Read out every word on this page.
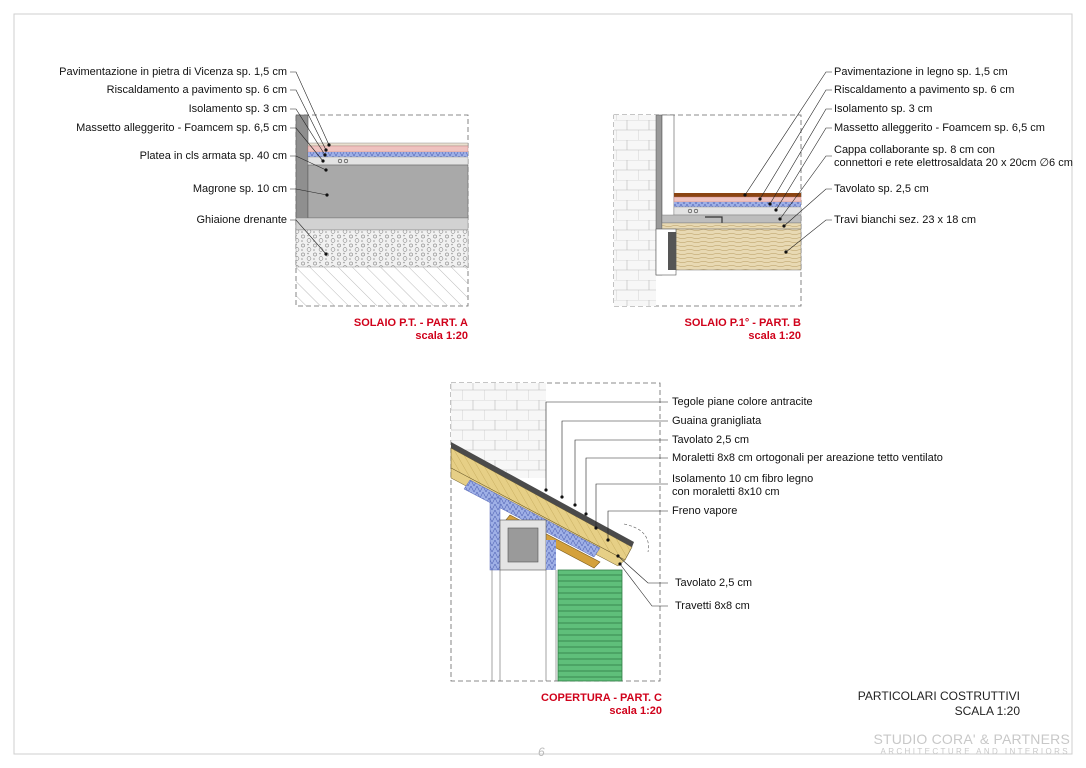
Pavimentazione in pietra di Vicenza sp. 1,5 cm
Riscaldamento a pavimento sp. 6 cm
Isolamento sp. 3 cm
Massetto alleggerito - Foamcem sp. 6,5 cm
Platea in cls armata sp. 40 cm
Magrone sp. 10 cm
Ghiaione drenante
SOLAIO P.T. - PART. A
scala 1:20
Pavimentazione in legno sp. 1,5 cm
Riscaldamento a pavimento sp. 6 cm
Isolamento sp. 3 cm
Massetto alleggerito - Foamcem sp. 6,5 cm
Cappa collaborante sp. 8 cm con
connettori e rete elettrosaldata 20 x 20cm ∅6 cm
Tavolato sp. 2,5 cm
Travi bianchi sez. 23 x 18 cm
SOLAIO P.1° - PART. B
scala 1:20
Tegole piane colore antracite
Guaina granigliata
Tavolato 2,5 cm
Moraletti 8x8 cm ortogonali per areazione tetto ventilato
Isolamento 10 cm fibro legno
con moraletti 8x10 cm
Freno vapore
Tavolato 2,5 cm
Travetti 8x8 cm
COPERTURA - PART. C
scala 1:20
PARTICOLARI COSTRUTTIVI
SCALA 1:20
STUDIO CORA' & PARTNERS
ARCHITECTURE AND INTERIORS
6
